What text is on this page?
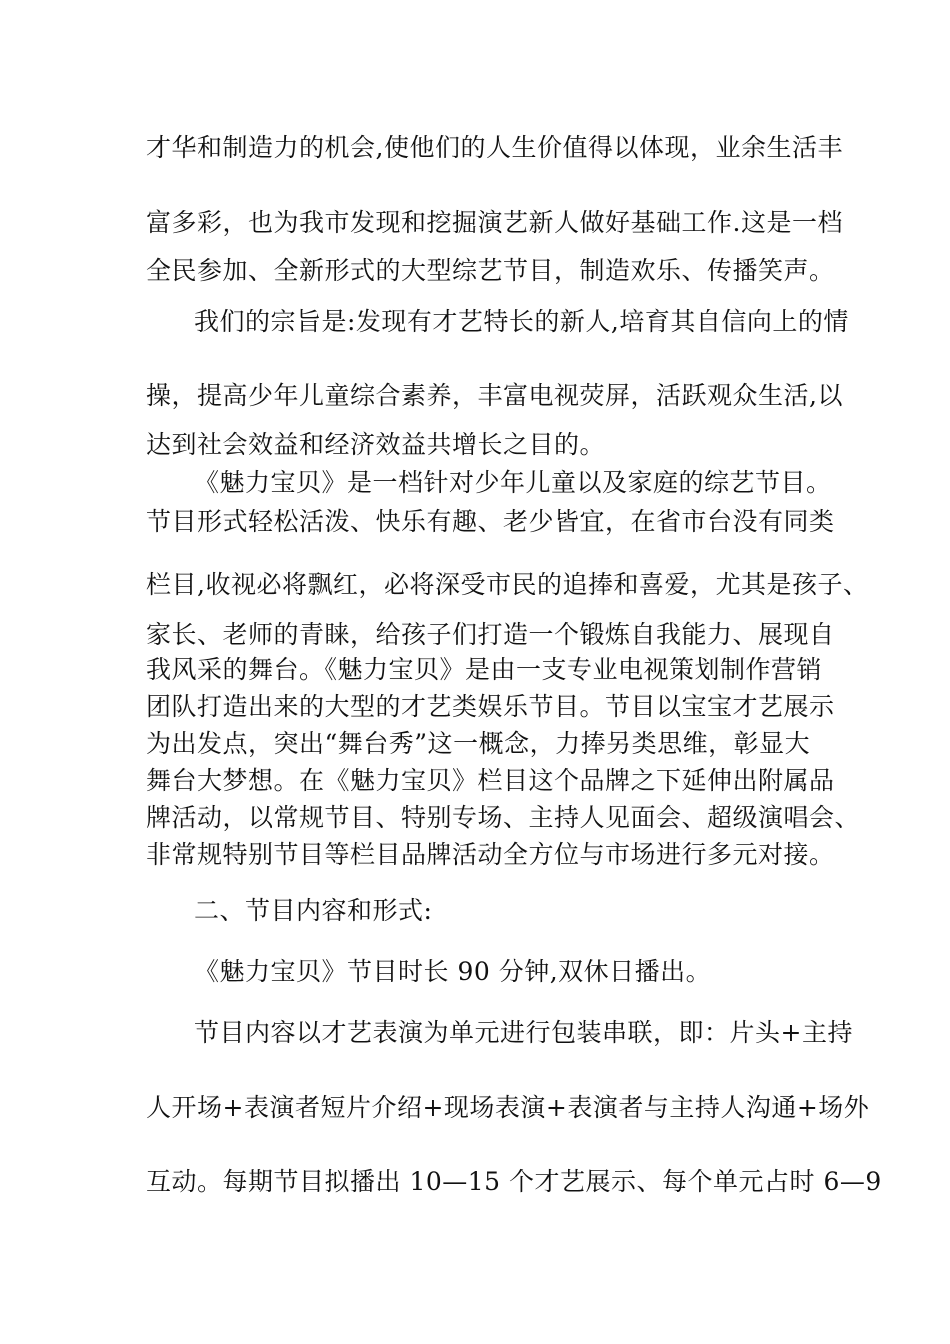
才华和制造力的机会,使他们的人生价值得以体现，业余生活丰
富多彩，也为我市发现和挖掘演艺新人做好基础工作.这是一档
全民参加、全新形式的大型综艺节目，制造欢乐、传播笑声。
我们的宗旨是:发现有才艺特长的新人,培育其自信向上的情
操，提高少年儿童综合素养，丰富电视荧屏，活跃观众生活,以
达到社会效益和经济效益共增长之目的。
《魅力宝贝》是一档针对少年儿童以及家庭的综艺节目。
节目形式轻松活泼、快乐有趣、老少皆宜，在省市台没有同类
栏目,收视必将飘红，必将深受市民的追捧和喜爱，尤其是孩子、
家长、老师的青睐，给孩子们打造一个锻炼自我能力、展现自
我风采的舞台。《魅力宝贝》是由一支专业电视策划制作营销
团队打造出来的大型的才艺类娱乐节目。节目以宝宝才艺展示
为出发点，突出“舞台秀”这一概念，力捧另类思维，彰显大
舞台大梦想。在《魅力宝贝》栏目这个品牌之下延伸出附属品
牌活动，以常规节目、特别专场、主持人见面会、超级演唱会、
非常规特别节目等栏目品牌活动全方位与市场进行多元对接。
二、节目内容和形式:
《魅力宝贝》节目时长 90 分钟,双休日播出。
节目内容以才艺表演为单元进行包装串联，即：片头+主持
人开场+表演者短片介绍+现场表演+表演者与主持人沟通+场外
互动。每期节目拟播出 10—15 个才艺展示、每个单元占时 6—9
